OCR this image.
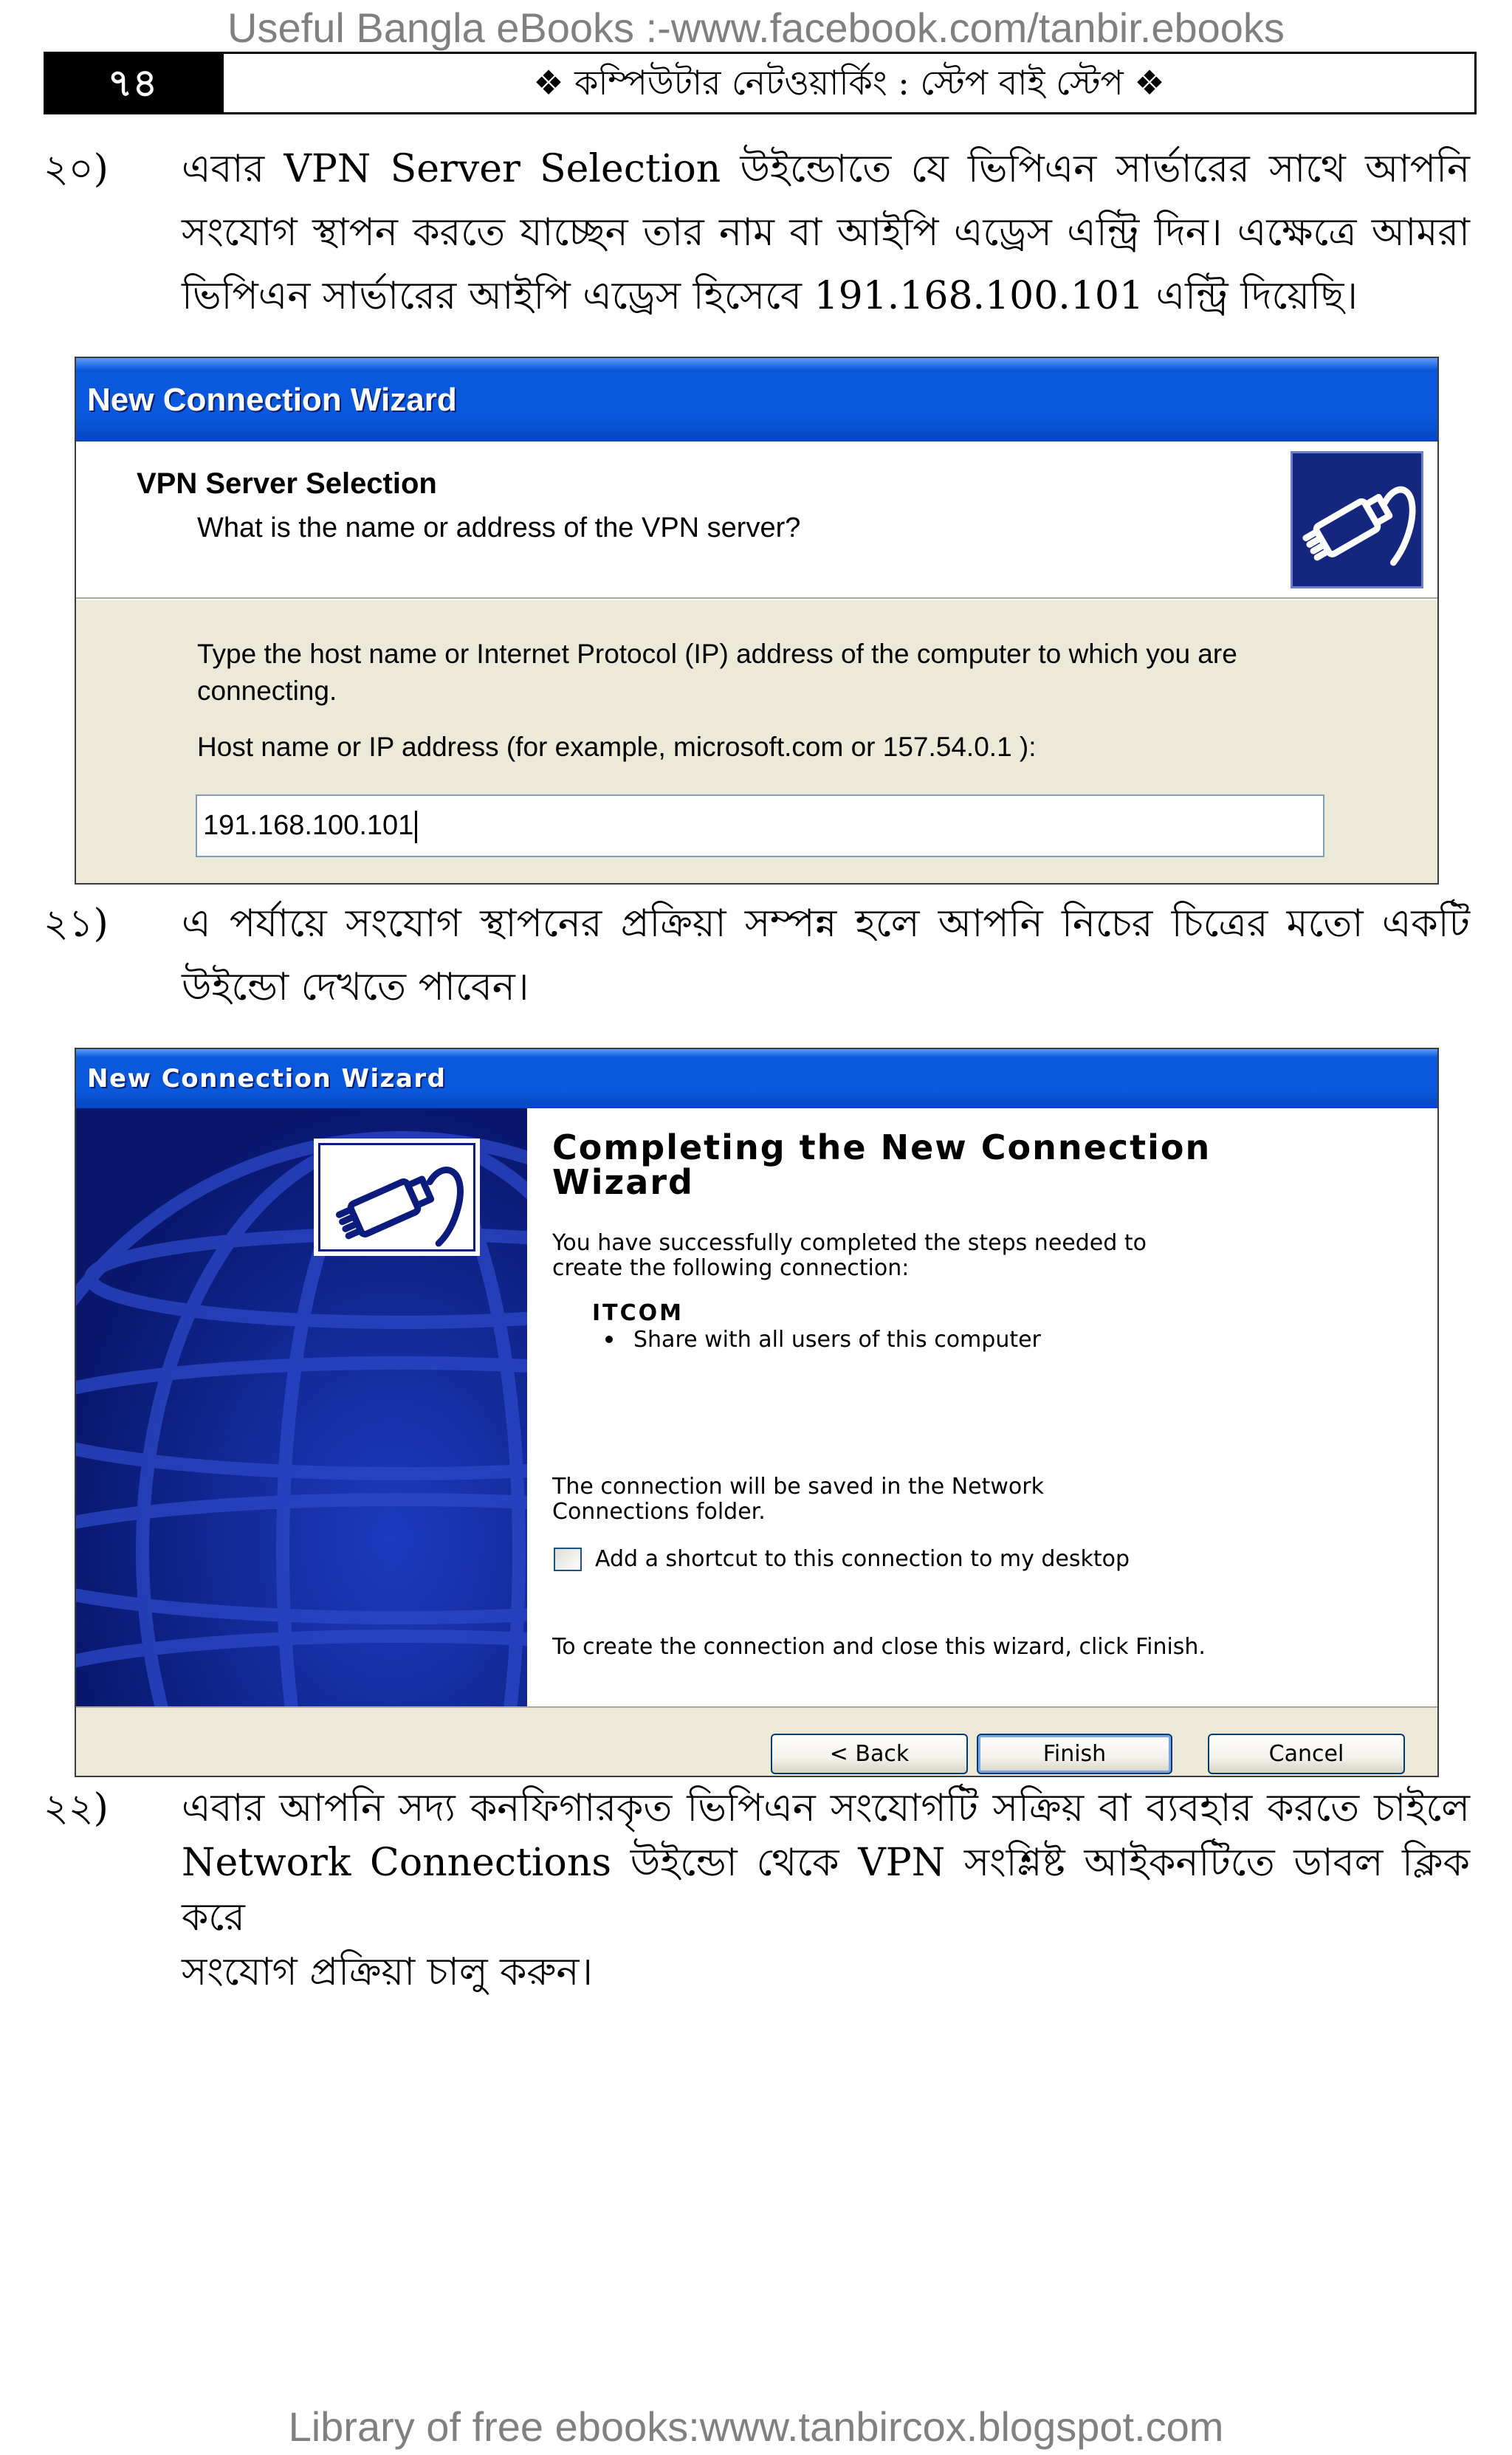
Useful Bangla eBooks :-www.facebook.com/tanbir.ebooks
৭৪	❖ কম্পিউটার নেটওয়ার্কিং : স্টেপ বাই স্টেপ ❖
২০)	এবার VPN Server Selection উইন্ডোতে যে ভিপিএন সার্ভারের সাথে আপনি
সংযোগ স্থাপন করতে যাচ্ছেন তার নাম বা আইপি এড্রেস এন্ট্রি দিন। এক্ষেত্রে আমরা
ভিপিএন সার্ভারের আইপি এড্রেস হিসেবে 191.168.100.101 এন্ট্রি দিয়েছি।
New Connection Wizard
VPN Server Selection
What is the name or address of the VPN server?
Type the host name or Internet Protocol (IP) address of the computer to which you are
connecting.
Host name or IP address (for example, microsoft.com or 157.54.0.1 ):
191.168.100.101
২১)	এ পর্যায়ে সংযোগ স্থাপনের প্রক্রিয়া সম্পন্ন হলে আপনি নিচের চিত্রের মতো একটি
উইন্ডো দেখতে পাবেন।
New Connection Wizard
Completing the New Connection
Wizard
You have successfully completed the steps needed to
create the following connection:
ITCOM
Share with all users of this computer
The connection will be saved in the Network
Connections folder.
Add a shortcut to this connection to my desktop
To create the connection and close this wizard, click Finish.
< Back	Finish	Cancel
২২)	এবার আপনি সদ্য কনফিগারকৃত ভিপিএন সংযোগটি সক্রিয় বা ব্যবহার করতে চাইলে
Network Connections উইন্ডো থেকে VPN সংশ্লিষ্ট আইকনটিতে ডাবল ক্লিক করে
সংযোগ প্রক্রিয়া চালু করুন।
Library of free ebooks:www.tanbircox.blogspot.com
